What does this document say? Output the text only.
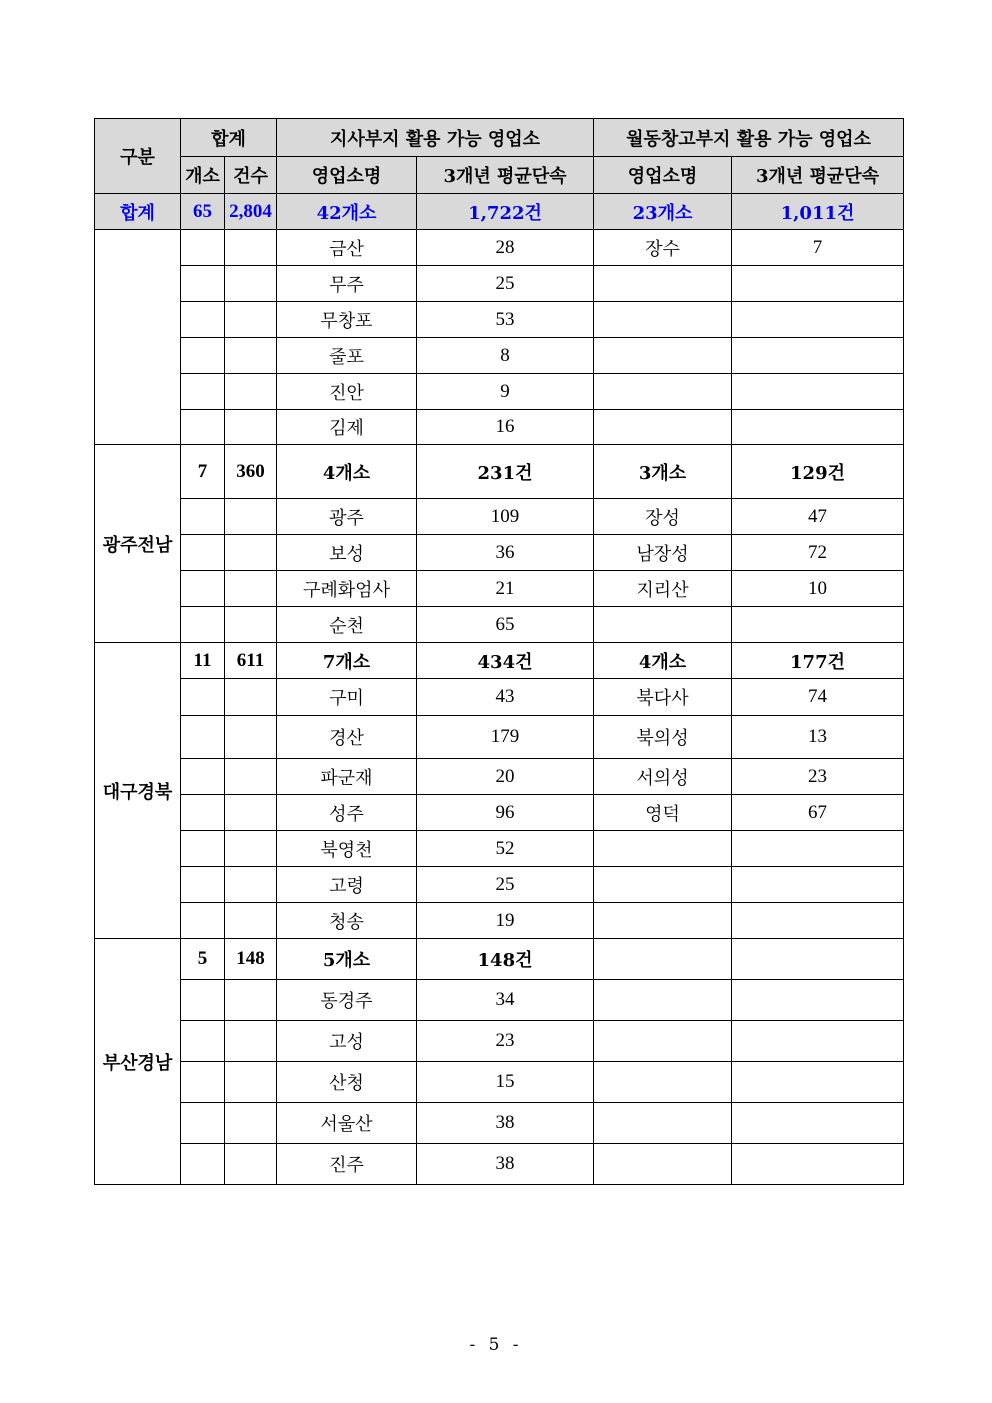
구분	합계		지사부지 활용 가능 영업소		월동창고부지 활용 가능 영업소	
	개소	건수	영업소명	3개년 평균단속	영업소명	3개년 평균단속
합계	65	2,804	42개소	1,722건	23개소	1,011건
			금산	28	장수	7
			무주	25		
			무창포	53		
			줄포	8		
			진안	9		
			김제	16		
광주전남	7	360	4개소	231건	3개소	129건
			광주	109	장성	47
			보성	36	남장성	72
			구례화엄사	21	지리산	10
			순천	65		
대구경북	11	611	7개소	434건	4개소	177건
			구미	43	북다사	74
			경산	179	북의성	13
			파군재	20	서의성	23
			성주	96	영덕	67
			북영천	52		
			고령	25		
			청송	19		
부산경남	5	148	5개소	148건		
			동경주	34		
			고성	23		
			산청	15		
			서울산	38		
			진주	38		
- 5 -
